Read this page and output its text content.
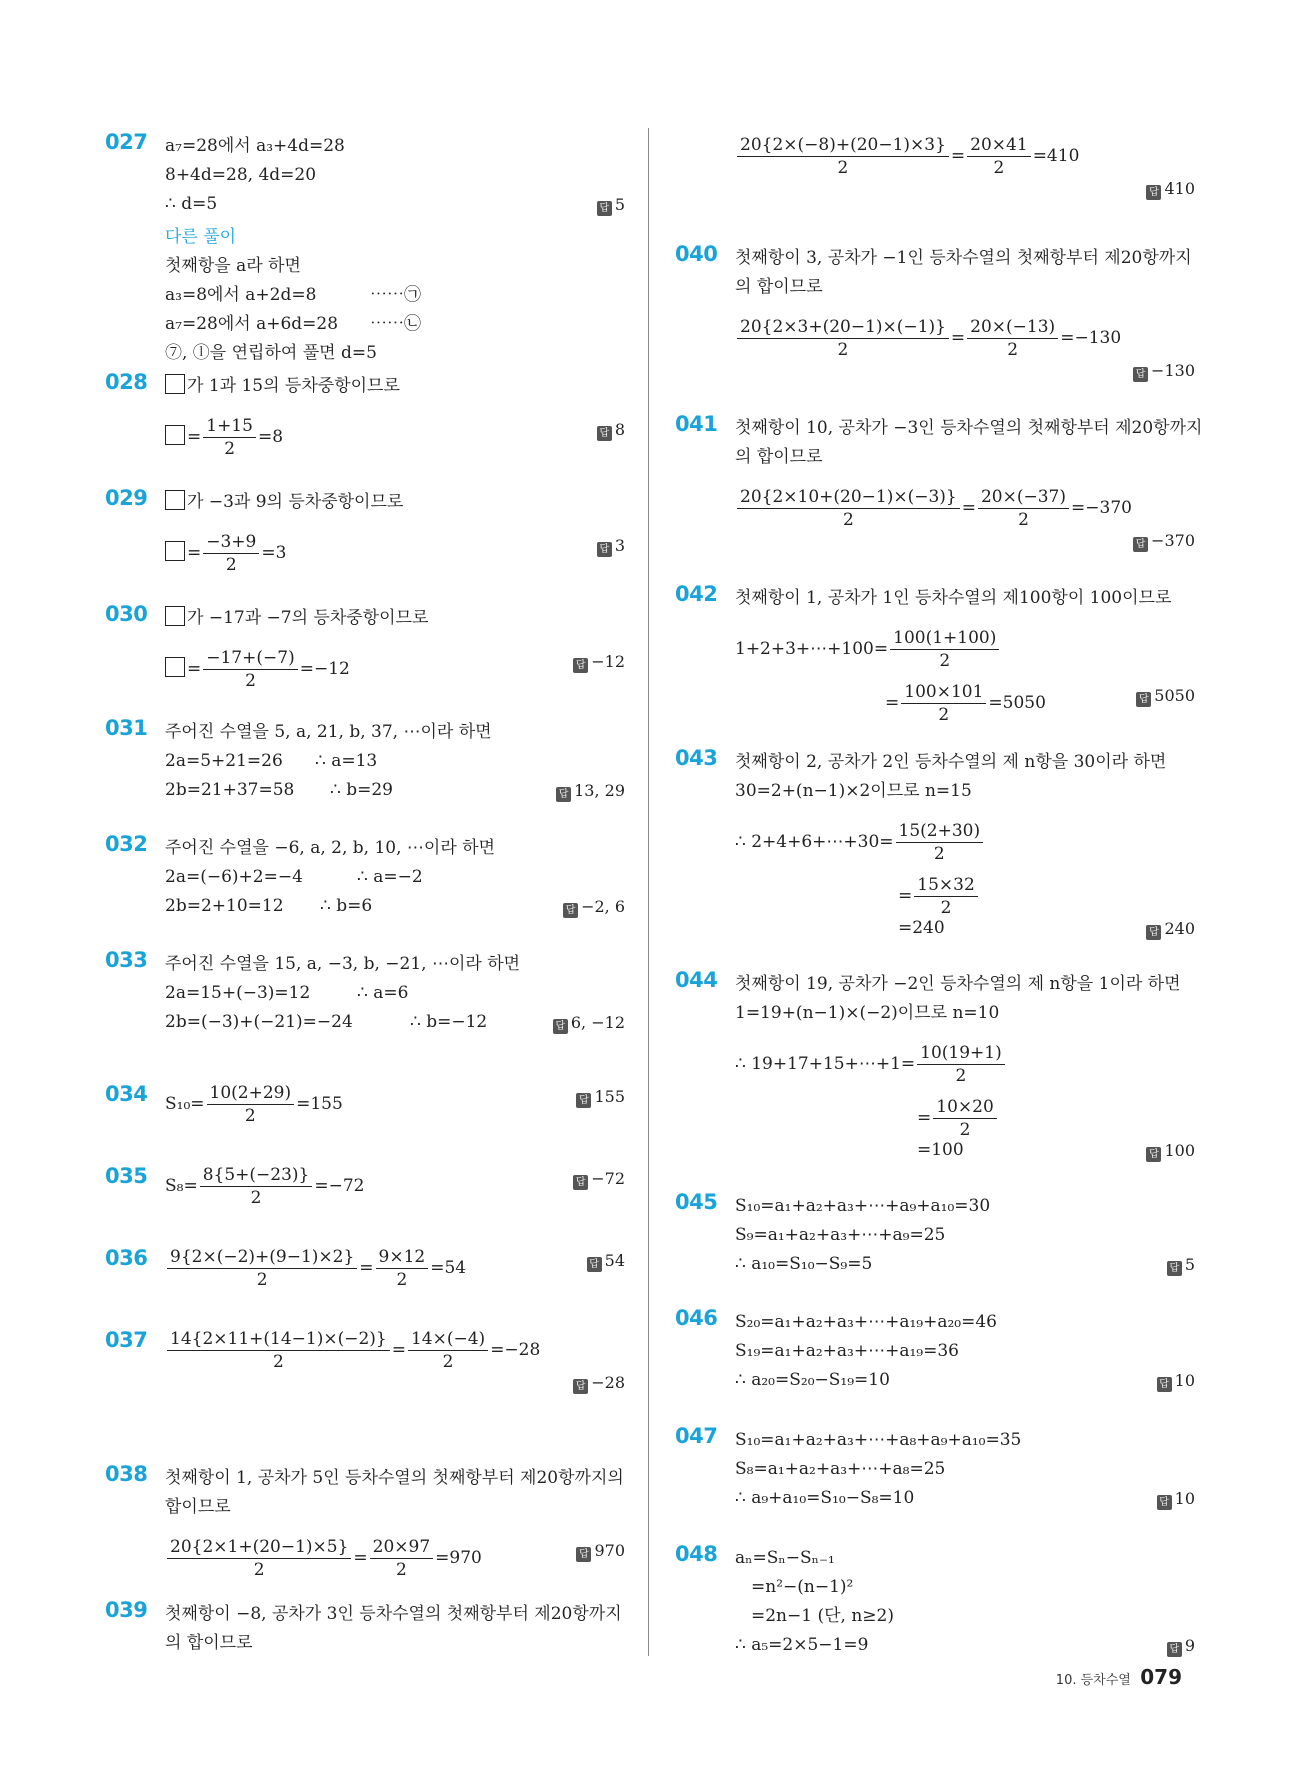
027 a₇=28에서 a₃+4d=28
8+4d=28, 4d=20
∴ d=5	답 5
다른 풀이
첫째항을 a라 하면
a₃=8에서 a+2d=8	⋯⋯㉠
a₇=28에서 a+6d=28 ⋯⋯㉡
⑦, ⓛ을 연립하여 풀면 d=5
028	가 1과 15의 등차중항이므로
= $\frac{1+15}{2} =8$	답 8
029	가 −3과 9의 등차중항이므로
= $\frac{-3+9}{2} =3$	답 3
030	가 −17과 −7의 등차중항이므로
= $\frac{-17+(-7)}{2} =-12$	답 −12
031 주어진 수열을 5, a, 21, b, 37, ⋯이라 하면
2a=5+21=26 ∴ a=13
2b=21+37=58 ∴ b=29	답 13, 29
032 주어진 수열을 −6, a, 2, b, 10, ⋯이라 하면
2a=(−6)+2=−4	∴ a=−2
2b=2+10=12 ∴ b=6	답 −2, 6
033 주어진 수열을 15, a, −3, b, −21, ⋯이라 하면
2a=15+(−3)=12	∴ a=6
2b=(−3)+(−21)=−24	∴ b=−12	답 6, −12
034 $S_{10}= \frac{10(2+29)}{2} =155$	답 155
035 $S_8= \frac{8\{5+(-23)\}}{2} =-72$	답 −72
$036 \frac{9\{2\times(-2)+(9-1)\times 2\}}{2} = \frac{9\times 12}{2} =54$	답 54
$037 \frac{14\{2\times 11+(14-1)\times(-2)\}}{2} = \frac{14\times(-4)}{2} =-28$
답 −28
038 첫째항이 1, 공차가 5인 등차수열의 첫째항부터 제20항까지의
합이므로
$\frac{20\{2\times 1+(20-1)\times 5\}}{2} = \frac{20\times 97}{2} =970$	답 970
039 첫째항이 −8, 공차가 3인 등차수열의 첫째항부터 제20항까지
의 합이므로
$\frac{20\{2\times(-8)+(20-1)\times 3\}}{2} = \frac{20\times 41}{2} =410$
답 410
040 첫째항이 3, 공차가 −1인 등차수열의 첫째항부터 제20항까지
의 합이므로
$\frac{20\{2\times 3+(20-1)\times(-1)\}}{2} = \frac{20\times(-13)}{2} =-130$
답 −130
041 첫째항이 10, 공차가 −3인 등차수열의 첫째항부터 제20항까지
의 합이므로
$\frac{20\{2\times 10+(20-1)\times(-3)\}}{2} = \frac{20\times(-37)}{2} =-370$
답 −370
042 첫째항이 1, 공차가 1인 등차수열의 제100항이 100이므로
1+2+3+⋯+100= $\frac{100(1+100)}{2}$
= $\frac{100\times 101}{2} =5050$	답 5050
043 첫째항이 2, 공차가 2인 등차수열의 제 n항을 30이라 하면
30=2+(n−1)×2이므로 n=15
∴ 2+4+6+⋯+30= $\frac{15(2+30)}{2}$
= $\frac{15\times 32}{2}$
=240	답 240
044 첫째항이 19, 공차가 −2인 등차수열의 제 n항을 1이라 하면
1=19+(n−1)×(−2)이므로 n=10
∴ 19+17+15+⋯+1= $\frac{10(19+1)}{2}$
= $\frac{10\times 20}{2}$
=100	답 100
045 S₁₀=a₁+a₂+a₃+⋯+a₉+a₁₀=30
S₉=a₁+a₂+a₃+⋯+a₉=25
∴ a₁₀=S₁₀−S₉=5	답 5
046 S₂₀=a₁+a₂+a₃+⋯+a₁₉+a₂₀=46
S₁₉=a₁+a₂+a₃+⋯+a₁₉=36
∴ a₂₀=S₂₀−S₁₉=10	답 10
047 S₁₀=a₁+a₂+a₃+⋯+a₈+a₉+a₁₀=35
S₈=a₁+a₂+a₃+⋯+a₈=25
∴ a₉+a₁₀=S₁₀−S₈=10	답 10
048 aₙ=Sₙ−Sₙ₋₁
=n²−(n−1)²
=2n−1 (단, n≥2)
∴ a₅=2×5−1=9	답 9
10. 등차수열 079
